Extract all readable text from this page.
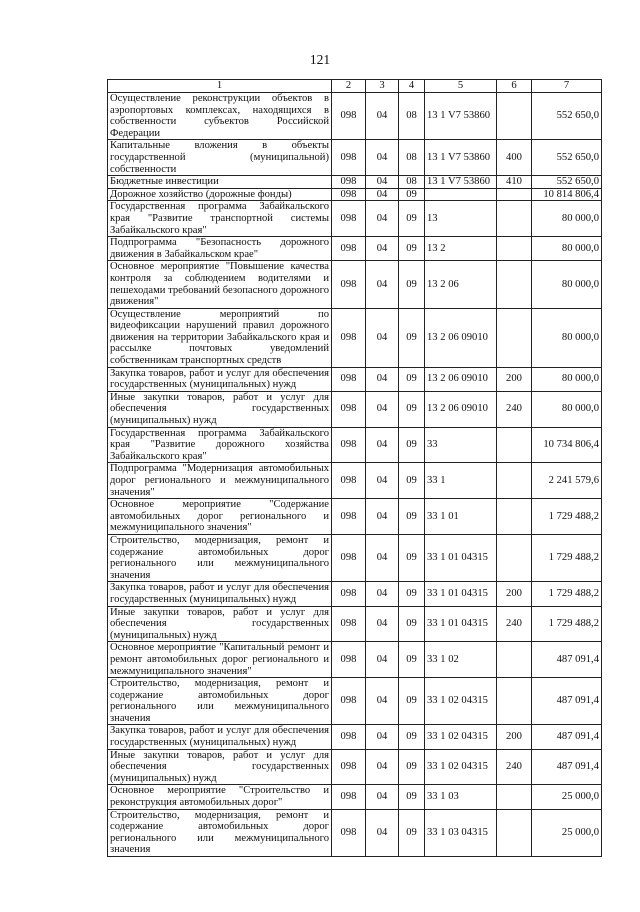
121
1	2	3	4	5	6	7
Осуществление реконструкции объектов в аэропортовых комплексах, находящихся в собственности субъектов Российской Федерации	098	04	08	13 1 V7 53860		552 650,0
Капитальные вложения в объекты государственной (муниципальной) собственности	098	04	08	13 1 V7 53860	400	552 650,0
Бюджетные инвестиции	098	04	08	13 1 V7 53860	410	552 650,0
Дорожное хозяйство (дорожные фонды)	098	04	09			10 814 806,4
Государственная программа Забайкальского края "Развитие транспортной системы Забайкальского края"	098	04	09	13		80 000,0
Подпрограмма "Безопасность дорожного движения в Забайкальском крае"	098	04	09	13 2		80 000,0
Основное мероприятие "Повышение качества контроля за соблюдением водителями и пешеходами требований безопасного дорожного движения"	098	04	09	13 2 06		80 000,0
Осуществление мероприятий по видеофиксации нарушений правил дорожного движения на территории Забайкальского края и рассылке почтовых уведомлений собственникам транспортных средств	098	04	09	13 2 06 09010		80 000,0
Закупка товаров, работ и услуг для обеспечения государственных (муниципальных) нужд	098	04	09	13 2 06 09010	200	80 000,0
Иные закупки товаров, работ и услуг для обеспечения государственных (муниципальных) нужд	098	04	09	13 2 06 09010	240	80 000,0
Государственная программа Забайкальского края "Развитие дорожного хозяйства Забайкальского края"	098	04	09	33		10 734 806,4
Подпрограмма "Модернизация автомобильных дорог регионального и межмуниципального значения"	098	04	09	33 1		2 241 579,6
Основное мероприятие "Содержание автомобильных дорог регионального и межмуниципального значения"	098	04	09	33 1 01		1 729 488,2
Строительство, модернизация, ремонт и содержание автомобильных дорог регионального или межмуниципального значения	098	04	09	33 1 01 04315		1 729 488,2
Закупка товаров, работ и услуг для обеспечения государственных (муниципальных) нужд	098	04	09	33 1 01 04315	200	1 729 488,2
Иные закупки товаров, работ и услуг для обеспечения государственных (муниципальных) нужд	098	04	09	33 1 01 04315	240	1 729 488,2
Основное мероприятие "Капитальный ремонт и ремонт автомобильных дорог регионального и межмуниципального значения"	098	04	09	33 1 02		487 091,4
Строительство, модернизация, ремонт и содержание автомобильных дорог регионального или межмуниципального значения	098	04	09	33 1 02 04315		487 091,4
Закупка товаров, работ и услуг для обеспечения государственных (муниципальных) нужд	098	04	09	33 1 02 04315	200	487 091,4
Иные закупки товаров, работ и услуг для обеспечения государственных (муниципальных) нужд	098	04	09	33 1 02 04315	240	487 091,4
Основное мероприятие "Строительство и реконструкция автомобильных дорог"	098	04	09	33 1 03		25 000,0
Строительство, модернизация, ремонт и содержание автомобильных дорог регионального или межмуниципального значения	098	04	09	33 1 03 04315		25 000,0
